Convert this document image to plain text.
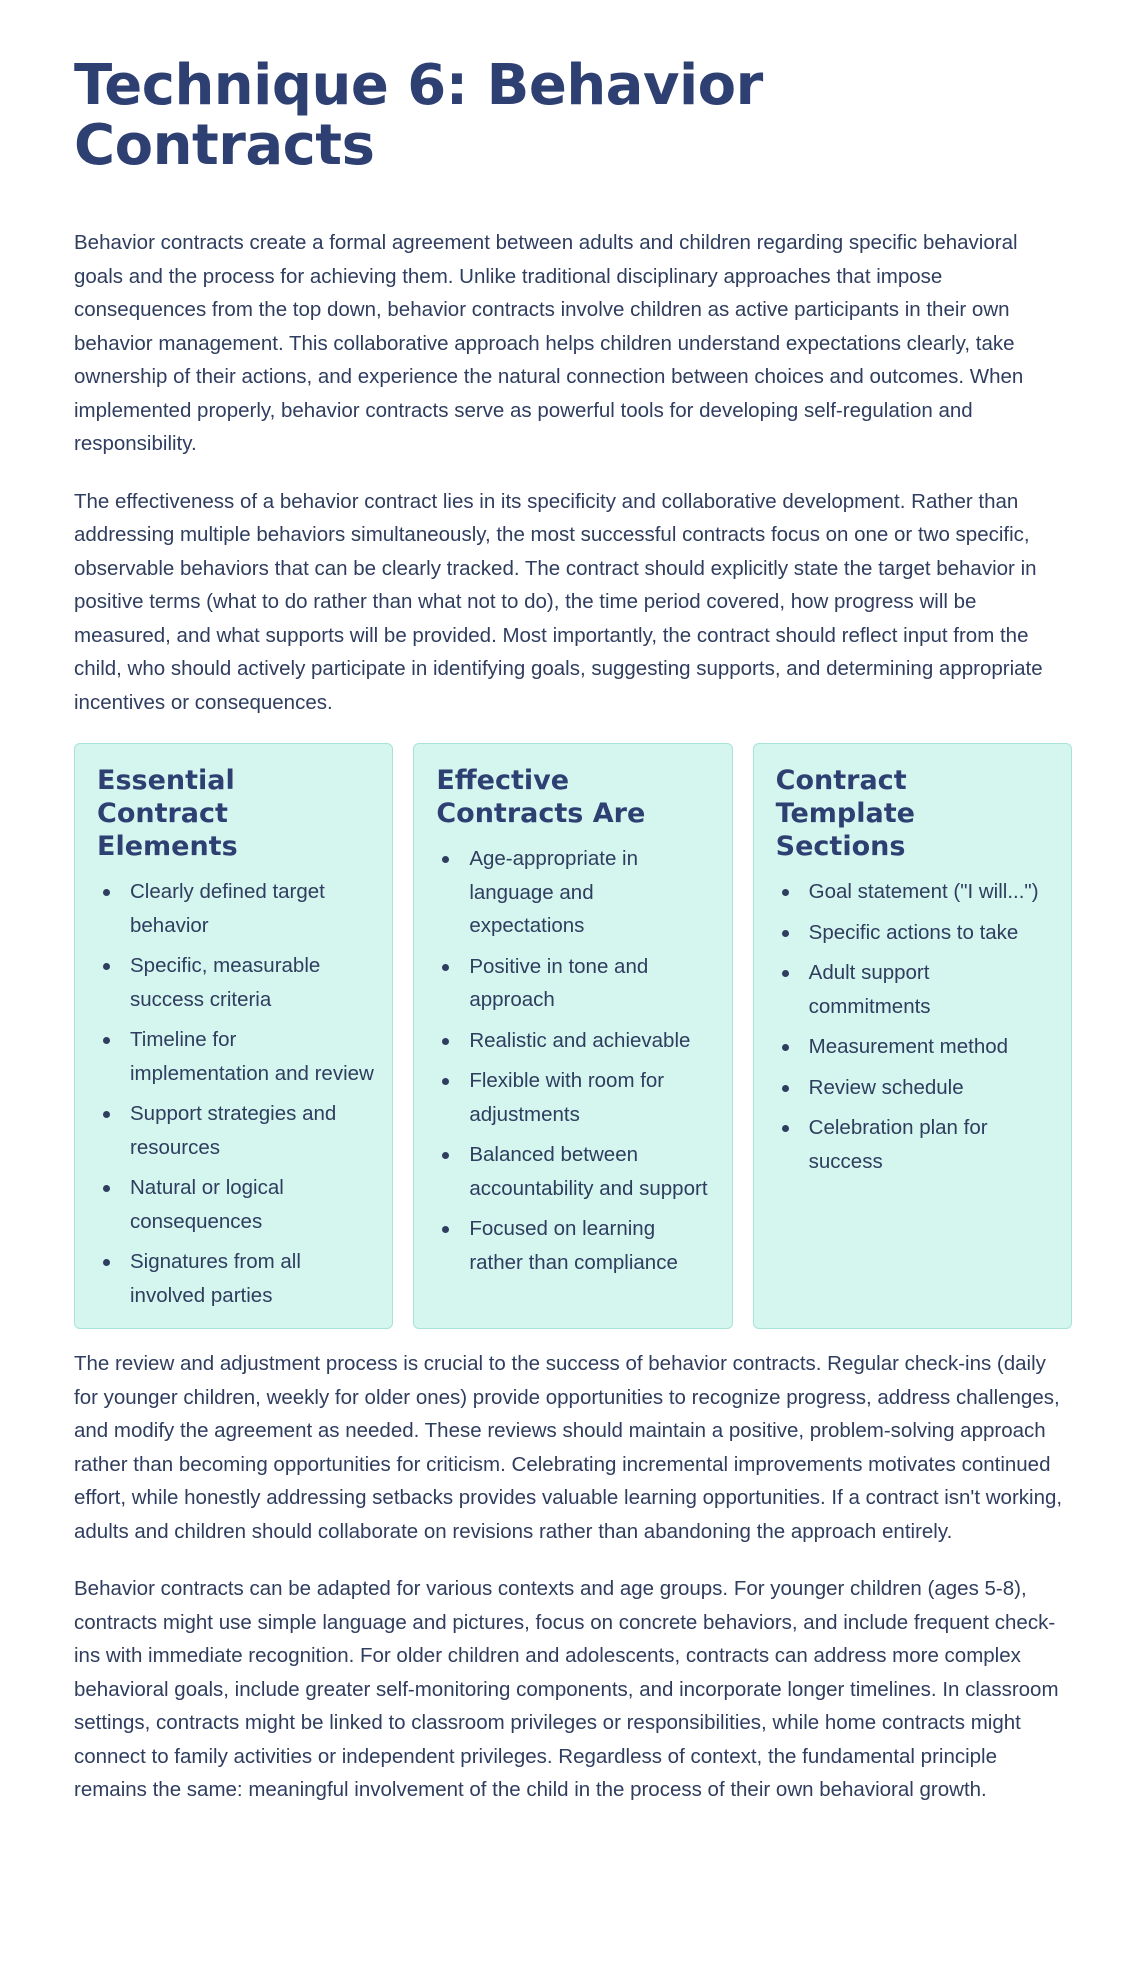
Technique 6: Behavior Contracts

Behavior contracts create a formal agreement between adults and children regarding specific behavioral goals and the process for achieving them. Unlike traditional disciplinary approaches that impose consequences from the top down, behavior contracts involve children as active participants in their own behavior management. This collaborative approach helps children understand expectations clearly, take ownership of their actions, and experience the natural connection between choices and outcomes. When implemented properly, behavior contracts serve as powerful tools for developing self-regulation and responsibility.

The effectiveness of a behavior contract lies in its specificity and collaborative development. Rather than addressing multiple behaviors simultaneously, the most successful contracts focus on one or two specific, observable behaviors that can be clearly tracked. The contract should explicitly state the target behavior in positive terms (what to do rather than what not to do), the time period covered, how progress will be measured, and what supports will be provided. Most importantly, the contract should reflect input from the child, who should actively participate in identifying goals, suggesting supports, and determining appropriate incentives or consequences.

Essential Contract Elements
Clearly defined target behavior
Specific, measurable success criteria
Timeline for implementation and review
Support strategies and resources
Natural or logical consequences
Signatures from all involved parties
Effective Contracts Are
Age-appropriate in language and expectations
Positive in tone and approach
Realistic and achievable
Flexible with room for adjustments
Balanced between accountability and support
Focused on learning rather than compliance
Contract Template Sections
Goal statement ("I will...")
Specific actions to take
Adult support commitments
Measurement method
Review schedule
Celebration plan for success

The review and adjustment process is crucial to the success of behavior contracts. Regular check-ins (daily for younger children, weekly for older ones) provide opportunities to recognize progress, address challenges, and modify the agreement as needed. These reviews should maintain a positive, problem-solving approach rather than becoming opportunities for criticism. Celebrating incremental improvements motivates continued effort, while honestly addressing setbacks provides valuable learning opportunities. If a contract isn't working, adults and children should collaborate on revisions rather than abandoning the approach entirely.

Behavior contracts can be adapted for various contexts and age groups. For younger children (ages 5-8), contracts might use simple language and pictures, focus on concrete behaviors, and include frequent check-ins with immediate recognition. For older children and adolescents, contracts can address more complex behavioral goals, include greater self-monitoring components, and incorporate longer timelines. In classroom settings, contracts might be linked to classroom privileges or responsibilities, while home contracts might connect to family activities or independent privileges. Regardless of context, the fundamental principle remains the same: meaningful involvement of the child in the process of their own behavioral growth.
